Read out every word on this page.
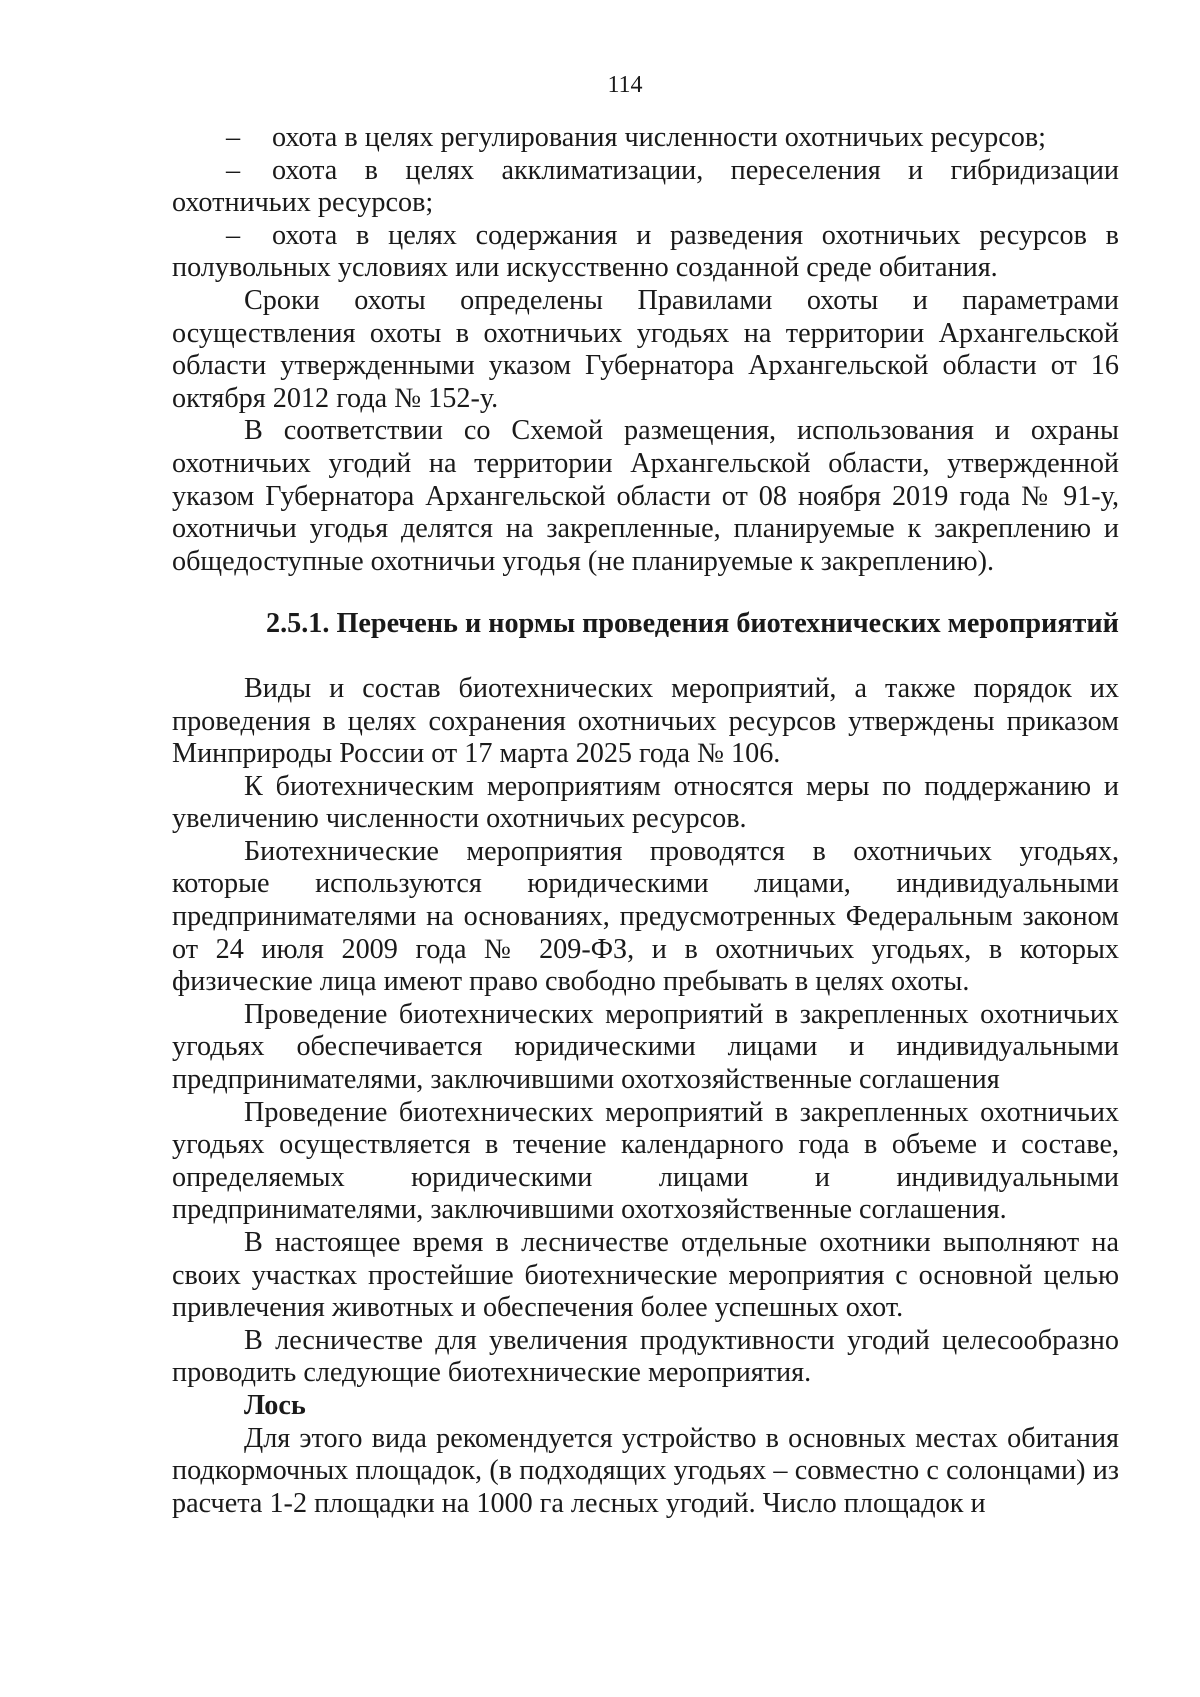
114

– охота в целях регулирования численности охотничьих ресурсов;

– охота в целях акклиматизации, переселения и гибридизации охотничьих ресурсов;

– охота в целях содержания и разведения охотничьих ресурсов в полувольных условиях или искусственно созданной среде обитания.

Сроки охоты определены Правилами охоты и параметрами осуществления охоты в охотничьих угодьях на территории Архангельской области утвержденными указом Губернатора Архангельской области от 16 октября 2012 года № 152-у.

В соответствии со Схемой размещения, использования и охраны охотничьих угодий на территории Архангельской области, утвержденной указом Губернатора Архангельской области от 08 ноября 2019 года № 91-у, охотничьи угодья делятся на закрепленные, планируемые к закреплению и общедоступные охотничьи угодья (не планируемые к закреплению).

2.5.1. Перечень и нормы проведения биотехнических мероприятий

Виды и состав биотехнических мероприятий, а также порядок их проведения в целях сохранения охотничьих ресурсов утверждены приказом Минприроды России от 17 марта 2025 года № 106.

К биотехническим мероприятиям относятся меры по поддержанию и увеличению численности охотничьих ресурсов.

Биотехнические мероприятия проводятся в охотничьих угодьях, которые используются юридическими лицами, индивидуальными предпринимателями на основаниях, предусмотренных Федеральным законом от 24 июля 2009 года № 209-ФЗ, и в охотничьих угодьях, в которых физические лица имеют право свободно пребывать в целях охоты.

Проведение биотехнических мероприятий в закрепленных охотничьих угодьях обеспечивается юридическими лицами и индивидуальными предпринимателями, заключившими охотхозяйственные соглашения

Проведение биотехнических мероприятий в закрепленных охотничьих угодьях осуществляется в течение календарного года в объеме и составе, определяемых юридическими лицами и индивидуальными предпринимателями, заключившими охотхозяйственные соглашения.

В настоящее время в лесничестве отдельные охотники выполняют на своих участках простейшие биотехнические мероприятия с основной целью привлечения животных и обеспечения более успешных охот.

В лесничестве для увеличения продуктивности угодий целесообразно проводить следующие биотехнические мероприятия.

Лось

Для этого вида рекомендуется устройство в основных местах обитания подкормочных площадок, (в подходящих угодьях – совместно с солонцами) из расчета 1-2 площадки на 1000 га лесных угодий. Число площадок и
